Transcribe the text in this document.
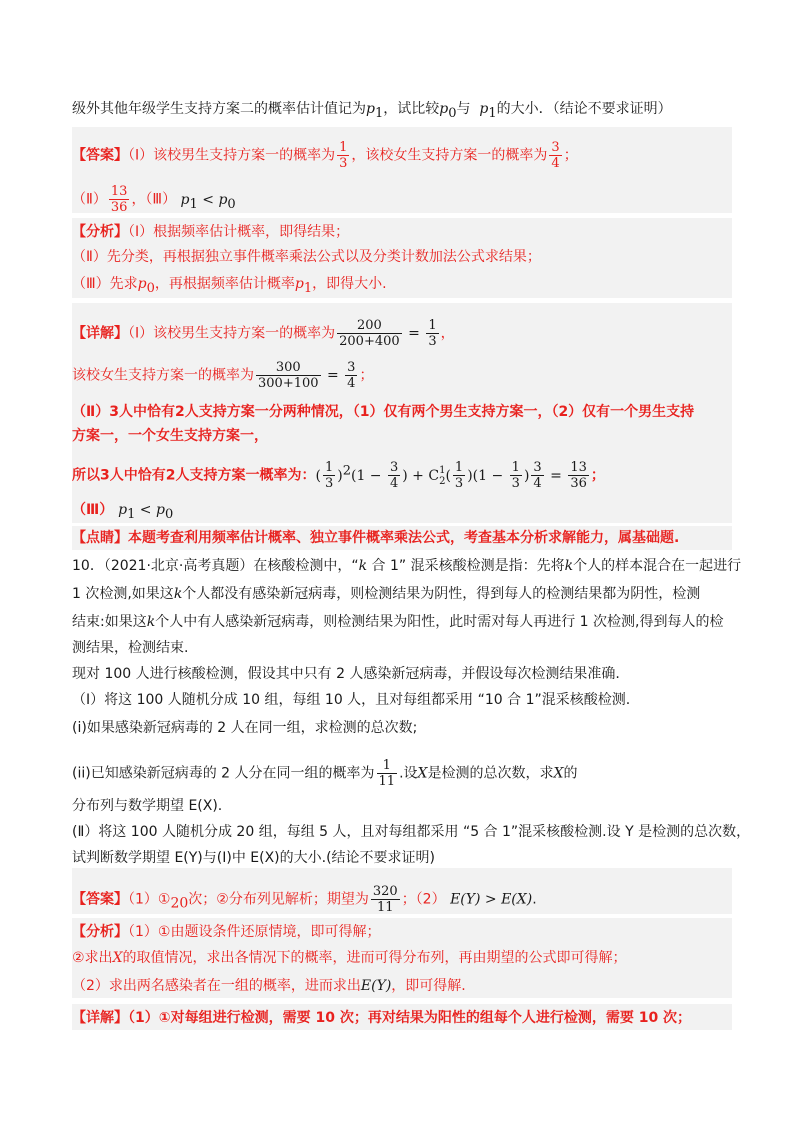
级外其他年级学生支持方案二的概率估计值记为$p_1$，试比较$p_0$与 $p_1$的大小．（结论不要求证明）
【答案】（Ⅰ）该校男生支持方案一的概率为 $\frac{1}{3}$ ，该校女生支持方案一的概率为 $\frac{3}{4}$ ；
（Ⅱ） $\frac{13}{36}$ ，（Ⅲ） $p_1 < p_0$
【分析】（Ⅰ）根据频率估计概率，即得结果；
（Ⅱ）先分类，再根据独立事件概率乘法公式以及分类计数加法公式求结果；
（Ⅲ）先求$p_0$，再根据频率估计概率$p_1$，即得大小.
【详解】（Ⅰ）该校男生支持方案一的概率为 $\frac{200}{200+400} = \frac{1}{3}$ ，
该校女生支持方案一的概率为 $\frac{300}{300+100} = \frac{3}{4}$ ；
（Ⅱ）3人中恰有2人支持方案一分两种情况，（1）仅有两个男生支持方案一，（2）仅有一个男生支持
方案一，一个女生支持方案一，
所以3人中恰有2人支持方案一概率为：( $\frac{1}{3} )^2(1 - \frac{3}{4}$ ) + C 1
2 ( $\frac{1}{3} )(1 - \frac{1}{3}$ ) $\frac{3}{4} = \frac{13}{36}$ ；
（Ⅲ） $p_1 < p_0$
【点睛】本题考查利用频率估计概率、独立事件概率乘法公式，考查基本分析求解能力，属基础题.
10．（2021·北京·高考真题）在核酸检测中，“k 合 1” 混采核酸检测是指：先将k个人的样本混合在一起进行
1 次检测,如果这k个人都没有感染新冠病毒，则检测结果为阴性，得到每人的检测结果都为阴性，检测
结束:如果这k个人中有人感染新冠病毒，则检测结果为阳性，此时需对每人再进行 1 次检测,得到每人的检
测结果，检测结束.
现对 100 人进行核酸检测，假设其中只有 2 人感染新冠病毒，并假设每次检测结果准确.
（Ⅰ）将这 100 人随机分成 10 组，每组 10 人，且对每组都采用 “10 合 1”混采核酸检测.
(i)如果感染新冠病毒的 2 人在同一组，求检测的总次数;
(ii)已知感染新冠病毒的 2 人分在同一组的概率为 $\frac{1}{11}$ .设X是检测的总次数，求X的
分布列与数学期望 E(X).
(Ⅱ）将这 100 人随机分成 20 组，每组 5 人，且对每组都采用 “5 合 1”混采核酸检测.设 Y 是检测的总次数，
试判断数学期望 E(Y)与(Ⅰ)中 E(X)的大小.(结论不要求证明)
【答案】$(1)①_{20}$次；②分布列见解析；期望为 $\frac{320}{11}$ ；（2） E(Y) > E(X).
【分析】（1）①由题设条件还原情境，即可得解；
②求出X的取值情况，求出各情况下的概率，进而可得分布列，再由期望的公式即可得解；
（2）求出两名感染者在一组的概率，进而求出E(Y)，即可得解.
【详解】（1）①对每组进行检测，需要 10 次；再对结果为阳性的组每个人进行检测，需要 10 次；
